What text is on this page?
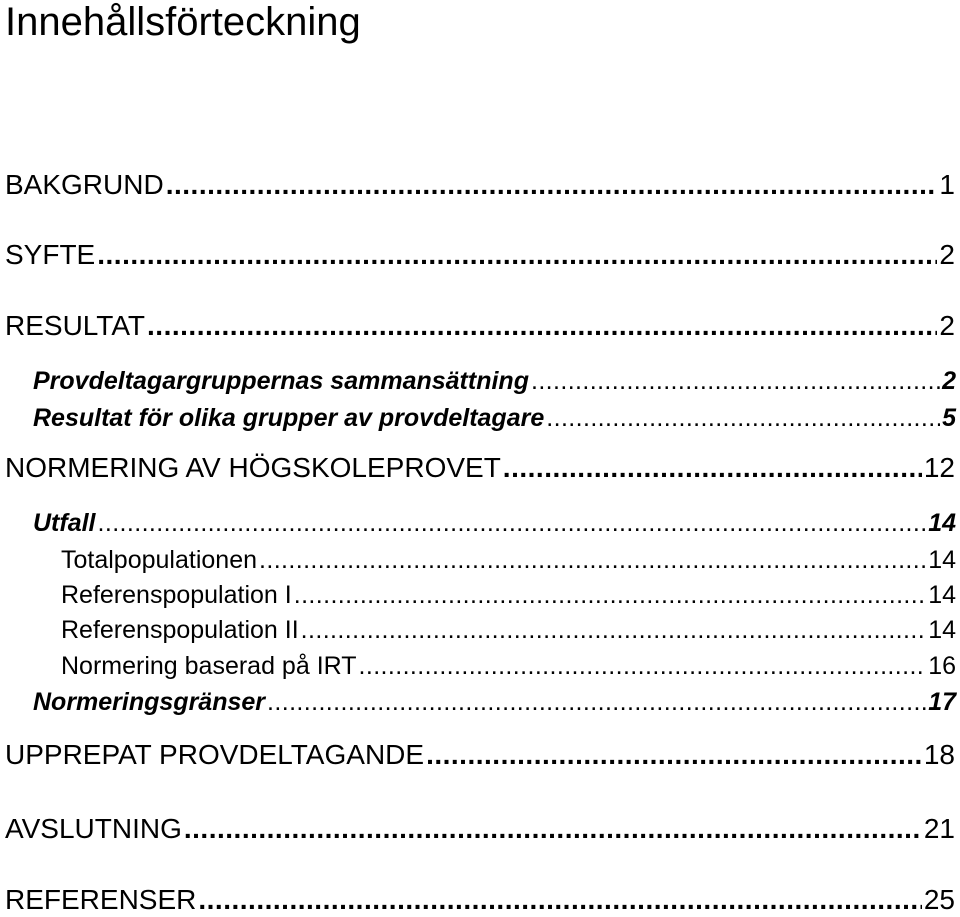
Innehållsförteckning
BAKGRUND .....	1
SYFTE .....	2
RESULTAT .....	2
Provdeltagargruppernas sammansättning .....	2
Resultat för olika grupper av provdeltagare .....	5
NORMERING AV HÖGSKOLEPROVET .....	12
Utfall .....	14
Totalpopulationen .....	14
Referenspopulation I .....	14
Referenspopulation II .....	14
Normering baserad på IRT .....	16
Normeringsgränser .....	17
UPPREPAT PROVDELTAGANDE .....	18
AVSLUTNING .....	21
REFERENSER .....	25
